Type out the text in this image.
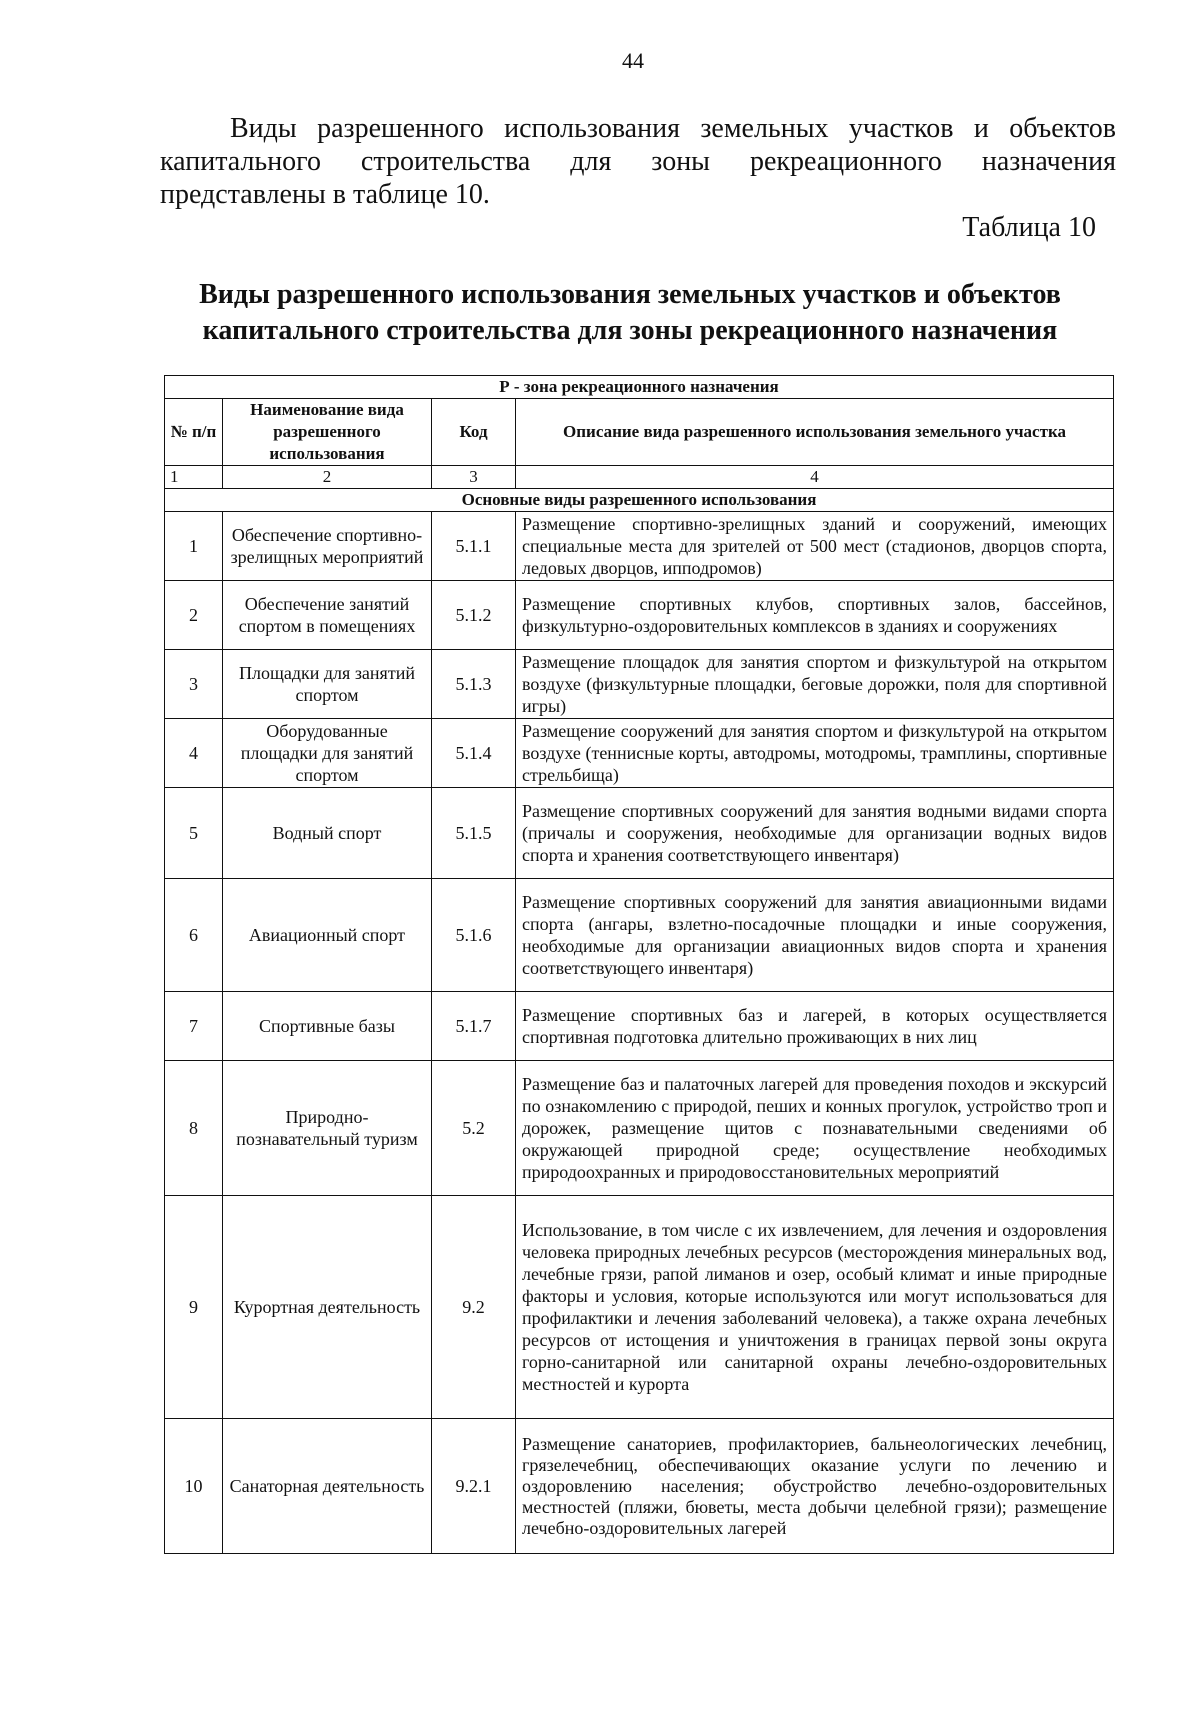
44

Виды разрешенного использования земельных участков и объектов капитального строительства для зоны рекреационного назначения представлены в таблице 10.

Таблица 10
Виды разрешенного использования земельных участков и объектов
капитального строительства для зоны рекреационного назначения
Р - зона рекреационного назначения			
№ п/п	Наименование вида разрешенного использования	Код	Описание вида разрешенного использования земельного участка
1	2	3	4
Основные виды разрешенного использования			
1	Обеспечение спортивно-зрелищных мероприятий	5.1.1	Размещение спортивно-зрелищных зданий и сооружений, имеющих специальные места для зрителей от 500 мест (стадионов, дворцов спорта, ледовых дворцов, ипподромов)
2	Обеспечение занятий спортом в помещениях	5.1.2	Размещение спортивных клубов, спортивных залов, бассейнов, физкультурно-оздоровительных комплексов в зданиях и сооружениях
3	Площадки для занятий спортом	5.1.3	Размещение площадок для занятия спортом и физкультурой на открытом воздухе (физкультурные площадки, беговые дорожки, поля для спортивной игры)
4	Оборудованные площадки для занятий спортом	5.1.4	Размещение сооружений для занятия спортом и физкультурой на открытом воздухе (теннисные корты, автодромы, мотодромы, трамплины, спортивные стрельбища)
5	Водный спорт	5.1.5	Размещение спортивных сооружений для занятия водными видами спорта (причалы и сооружения, необходимые для организации водных видов спорта и хранения соответствующего инвентаря)
6	Авиационный спорт	5.1.6	Размещение спортивных сооружений для занятия авиационными видами спорта (ангары, взлетно-посадочные площадки и иные сооружения, необходимые для организации авиационных видов спорта и хранения соответствующего инвентаря)
7	Спортивные базы	5.1.7	Размещение спортивных баз и лагерей, в которых осуществляется спортивная подготовка длительно проживающих в них лиц
8	Природно-познавательный туризм	5.2	Размещение баз и палаточных лагерей для проведения походов и экскурсий по ознакомлению с природой, пеших и конных прогулок, устройство троп и дорожек, размещение щитов с познавательными сведениями об окружающей природной среде; осуществление необходимых природоохранных и природовосстановительных мероприятий
9	Курортная деятельность	9.2	Использование, в том числе с их извлечением, для лечения и оздоровления человека природных лечебных ресурсов (месторождения минеральных вод, лечебные грязи, рапой лиманов и озер, особый климат и иные природные факторы и условия, которые используются или могут использоваться для профилактики и лечения заболеваний человека), а также охрана лечебных ресурсов от истощения и уничтожения в границах первой зоны округа горно-санитарной или санитарной охраны лечебно-оздоровительных местностей и курорта
10	Санаторная деятельность	9.2.1	Размещение санаториев, профилакториев, бальнеологических лечебниц, грязелечебниц, обеспечивающих оказание услуги по лечению и оздоровлению населения; обустройство лечебно-оздоровительных местностей (пляжи, бюветы, места добычи целебной грязи); размещение лечебно-оздоровительных лагерей
